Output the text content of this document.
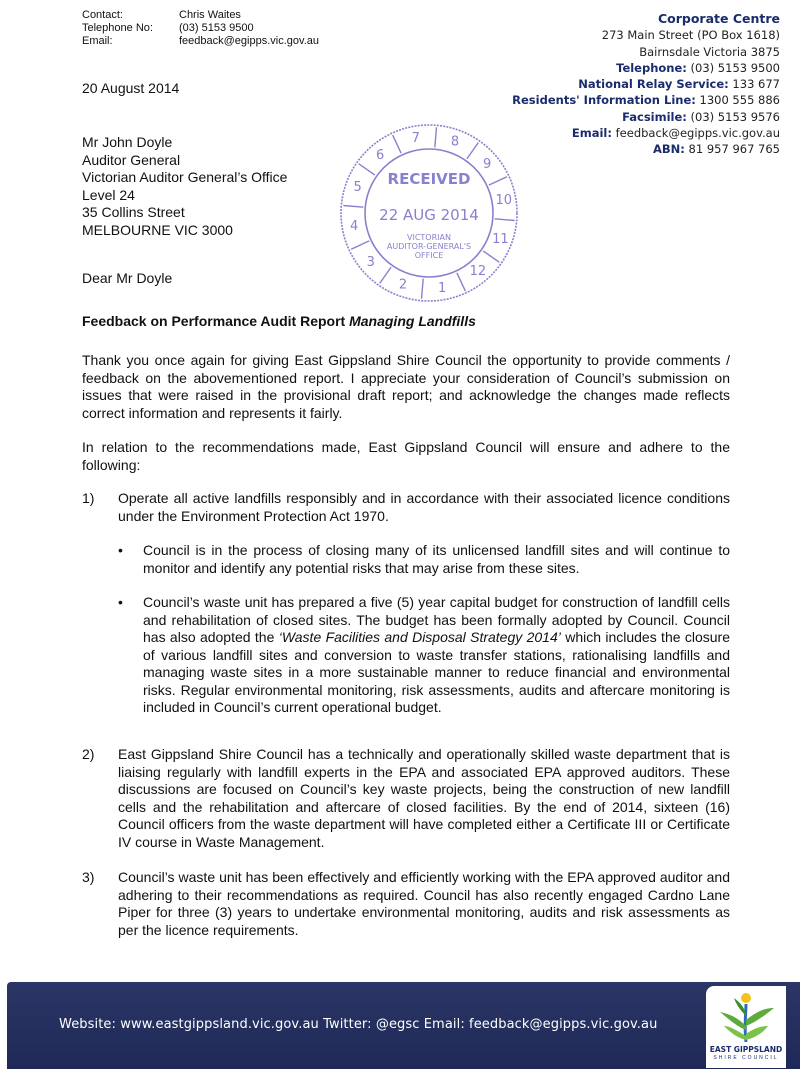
Contact:	Chris Waites
Telephone No:	(03) 5153 9500
Email:	feedback@egipps.vic.gov.au
Corporate Centre
273 Main Street (PO Box 1618)
Bairnsdale Victoria 3875
Telephone: (03) 5153 9500
National Relay Service: 133 677
Residents' Information Line: 1300 555 886
Facsimile: (03) 5153 9576
Email: feedback@egipps.vic.gov.au
ABN: 81 957 967 765
20 August 2014
Mr John Doyle
Auditor General
Victorian Auditor General’s Office
Level 24
35 Collins Street
MELBOURNE VIC 3000
8
9
10
11
12
1
2
3
4
5
6
7
RECEIVED
22 AUG 2014
VICTORIAN
AUDITOR-GENERAL'S
OFFICE
Dear Mr Doyle
Feedback on Performance Audit Report Managing Landfills
Thank you once again for giving East Gippsland Shire Council the opportunity to provide comments / feedback on the abovementioned report. I appreciate your consideration of Council’s submission on issues that were raised in the provisional draft report; and acknowledge the changes made reflects correct information and represents it fairly.
In relation to the recommendations made, East Gippsland Council will ensure and adhere to the following:
1)	Operate all active landfills responsibly and in accordance with their associated licence conditions under the Environment Protection Act 1970.
• Council is in the process of closing many of its unlicensed landfill sites and will continue to monitor and identify any potential risks that may arise from these sites.
• Council’s waste unit has prepared a five (5) year capital budget for construction of landfill cells and rehabilitation of closed sites. The budget has been formally adopted by Council. Council has also adopted the ‘Waste Facilities and Disposal Strategy 2014’ which includes the closure of various landfill sites and conversion to waste transfer stations, rationalising landfills and managing waste sites in a more sustainable manner to reduce financial and environmental risks. Regular environmental monitoring, risk assessments, audits and aftercare monitoring is included in Council’s current operational budget.
2)	East Gippsland Shire Council has a technically and operationally skilled waste department that is liaising regularly with landfill experts in the EPA and associated EPA approved auditors. These discussions are focused on Council’s key waste projects, being the construction of new landfill cells and the rehabilitation and aftercare of closed facilities. By the end of 2014, sixteen (16) Council officers from the waste department will have completed either a Certificate III or Certificate IV course in Waste Management.
3)	Council’s waste unit has been effectively and efficiently working with the EPA approved auditor and adhering to their recommendations as required. Council has also recently engaged Cardno Lane Piper for three (3) years to undertake environmental monitoring, audits and risk assessments as per the licence requirements.
Website: www.eastgippsland.vic.gov.au Twitter: @egsc Email: feedback@egipps.vic.gov.au
EAST GIPPSLAND
SHIRE COUNCIL
